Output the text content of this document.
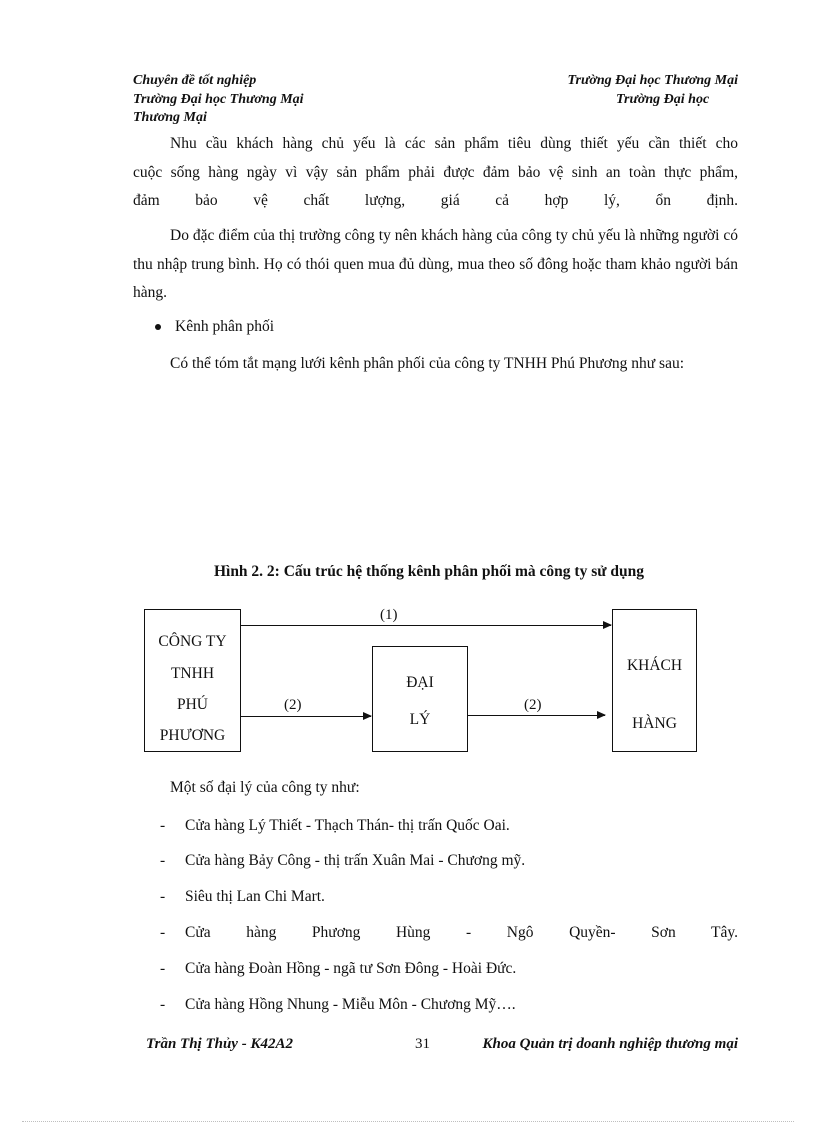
Chuyên đề tốt nghiệp	Trường Đại học Thương Mại
Trường Đại học Thương Mại	Trường Đại học
Thương Mại
Nhu cầu khách hàng chủ yếu là các sản phẩm tiêu dùng thiết yếu cần thiết cho
cuộc sống hàng ngày vì vậy sản phẩm phải được đảm bảo vệ sinh an toàn thực phẩm,
đảm bảo vệ chất lượng, giá cả hợp lý, ổn định.
Do đặc điểm của thị trường công ty nên khách hàng của công ty chủ yếu là những người có thu nhập trung bình. Họ có thói quen mua đủ dùng, mua theo số đông hoặc tham khảo người bán hàng.
Kênh phân phối
Có thể tóm tắt mạng lưới kênh phân phối của công ty TNHH Phú Phương như sau:
Hình 2. 2: Cấu trúc hệ thống kênh phân phối mà công ty sử dụng
CÔNG TY
TNHH
PHÚ
PHƯƠNG
ĐẠI
LÝ
KHÁCH
HÀNG
(1)
(2)	(2)
Một số đại lý của công ty như:
-	Cửa hàng Lý Thiết - Thạch Thán- thị trấn Quốc Oai.
-	Cửa hàng Bảy Công - thị trấn Xuân Mai - Chương mỹ.
-	Siêu thị Lan Chi Mart.
-	Cửa hàng Phương Hùng - Ngô Quyền- Sơn Tây.
-	Cửa hàng Đoàn Hồng - ngã tư Sơn Đông - Hoài Đức.
-	Cửa hàng Hồng Nhung - Miễu Môn - Chương Mỹ….
Trần Thị Thủy - K42A2	31	Khoa Quản trị doanh nghiệp thương mại
